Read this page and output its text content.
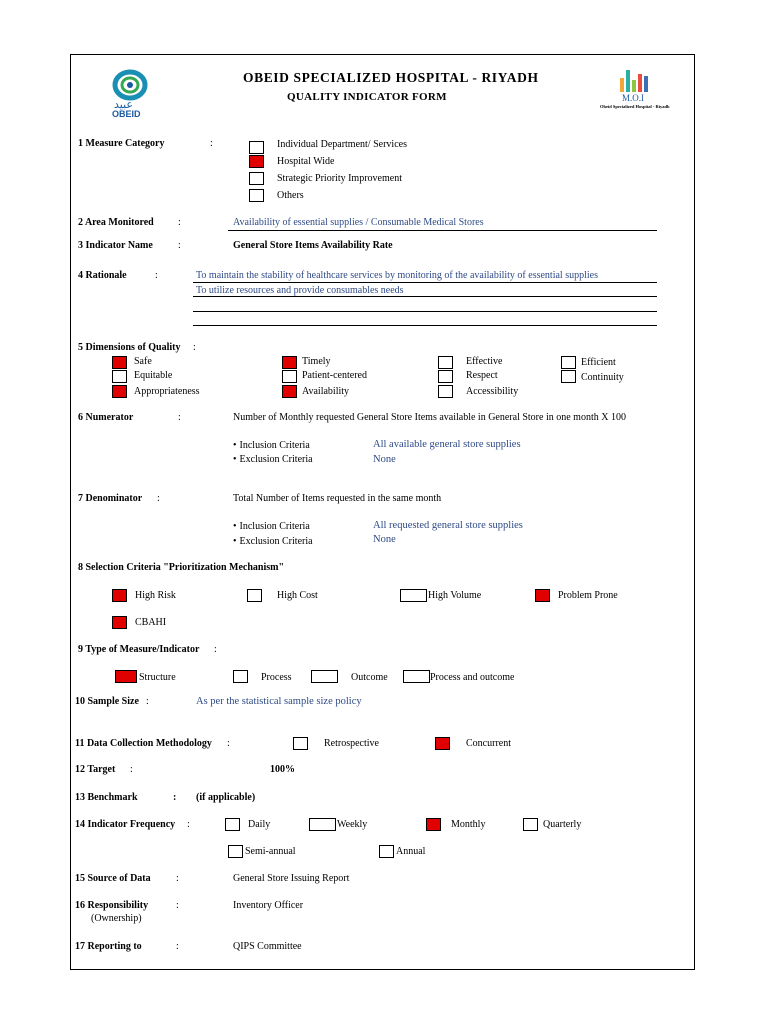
عبيد
OBEID
OBEID SPECIALIZED HOSPITAL - RIYADH
QUALITY INDICATOR FORM	M.O.I
Obeid Specialized Hospital - Riyadh
1 Measure Category	:	Individual Department/ Services
Hospital Wide
Strategic Priority Improvement
Others
2 Area Monitored :	Availability of essential supplies / Consumable Medical Stores
3 Indicator Name	:	General Store Items Availability Rate
4 Rationale	:	To maintain the stability of healthcare services by monitoring of the availability of essential supplies
To utilize resources and provide consumables needs
5 Dimensions of Quality :
Safe
Equitable
Appropriateness
Timely
Patient-centered
Availability
Effective
Respect
Accessibility
Efficient
Continuity
6 Numerator	:	Number of Monthly requested General Store Items available in General Store in one month X 100
• Inclusion Criteria	All available general store supplies
• Exclusion Criteria	None
7 Denominator :	Total Number of Items requested in the same month
• Inclusion Criteria	All requested general store supplies
• Exclusion Criteria	None
8 Selection Criteria "Prioritization Mechanism"
High Risk	High Cost	High Volume	Problem Prone
CBAHI
9 Type of Measure/Indicator :
Structure	Process	Outcome	Process and outcome
10 Sample Size :	As per the statistical sample size policy
11 Data Collection Methodology :	Retrospective	Concurrent
12 Target :	100%
13 Benchmark	: (if applicable)
14 Indicator Frequency :	Daily	Weekly	Monthly	Quarterly
Semi-annual	Annual
15 Source of Data	:	General Store Issuing Report
16 Responsibility
(Ownership)
:	Inventory Officer
17 Reporting to	:	QIPS Committee
